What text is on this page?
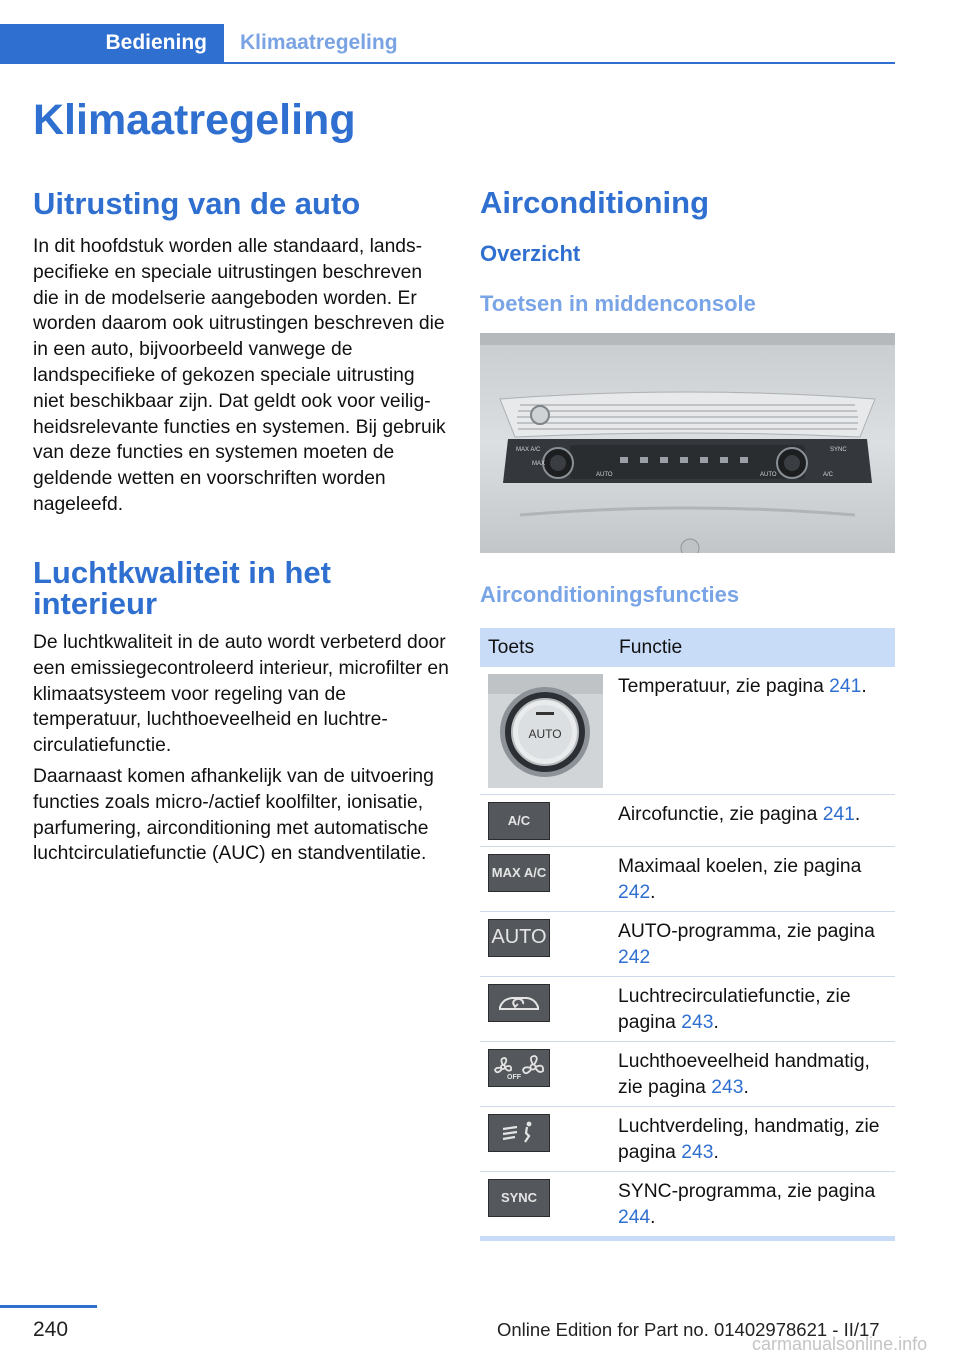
Bediening	Klimaatregeling
Klimaatregeling
Uitrusting van de auto

In dit hoofdstuk worden alle standaard, landspecifieke en speciale uitrustingen beschreven die in de modelserie aangeboden worden. Er worden daarom ook uitrustingen beschreven die in een auto, bijvoorbeeld vanwege de landspecifieke of gekozen speciale uitrusting niet beschikbaar zijn. Dat geldt ook voor veiligheidsrelevante functies en systemen. Bij gebruik van deze functies en systemen moeten de geldende wetten en voorschriften worden nageleefd.

Luchtkwaliteit in het
interieur

De luchtkwaliteit in de auto wordt verbeterd door een emissiegecontroleerd interieur, microfilter en klimaatsysteem voor regeling van de temperatuur, luchthoeveelheid en luchtrecirculatiefunctie.

Daarnaast komen afhankelijk van de uitvoering functies zoals micro-/actief koolfilter, ionisatie, parfumering, airconditioning met automatische luchtcirculatiefunctie (AUC) en standventilatie.

Airconditioning
Overzicht
Toetsen in middenconsole
MAX A/C
MAX
AUTO	AUTO
SYNC
A/C
Airconditioningsfuncties
Toets	Functie

AUTO	Temperatuur, zie pagina 241.

A/C	Aircofunctie, zie pagina 241.

MAX A/C	Maximaal koelen, zie pagina 242.

AUTO	AUTO-programma, zie pagina 242

	Luchtrecirculatiefunctie, zie pagina 243.

OFF	Luchthoeveelheid handmatig, zie pagina 243.

	Luchtverdeling, handmatig, zie pagina 243.

SYNC	SYNC-programma, zie pagina 244.
240	Online Edition for Part no. 01402978621 - II/17
carmanualsonline.info
